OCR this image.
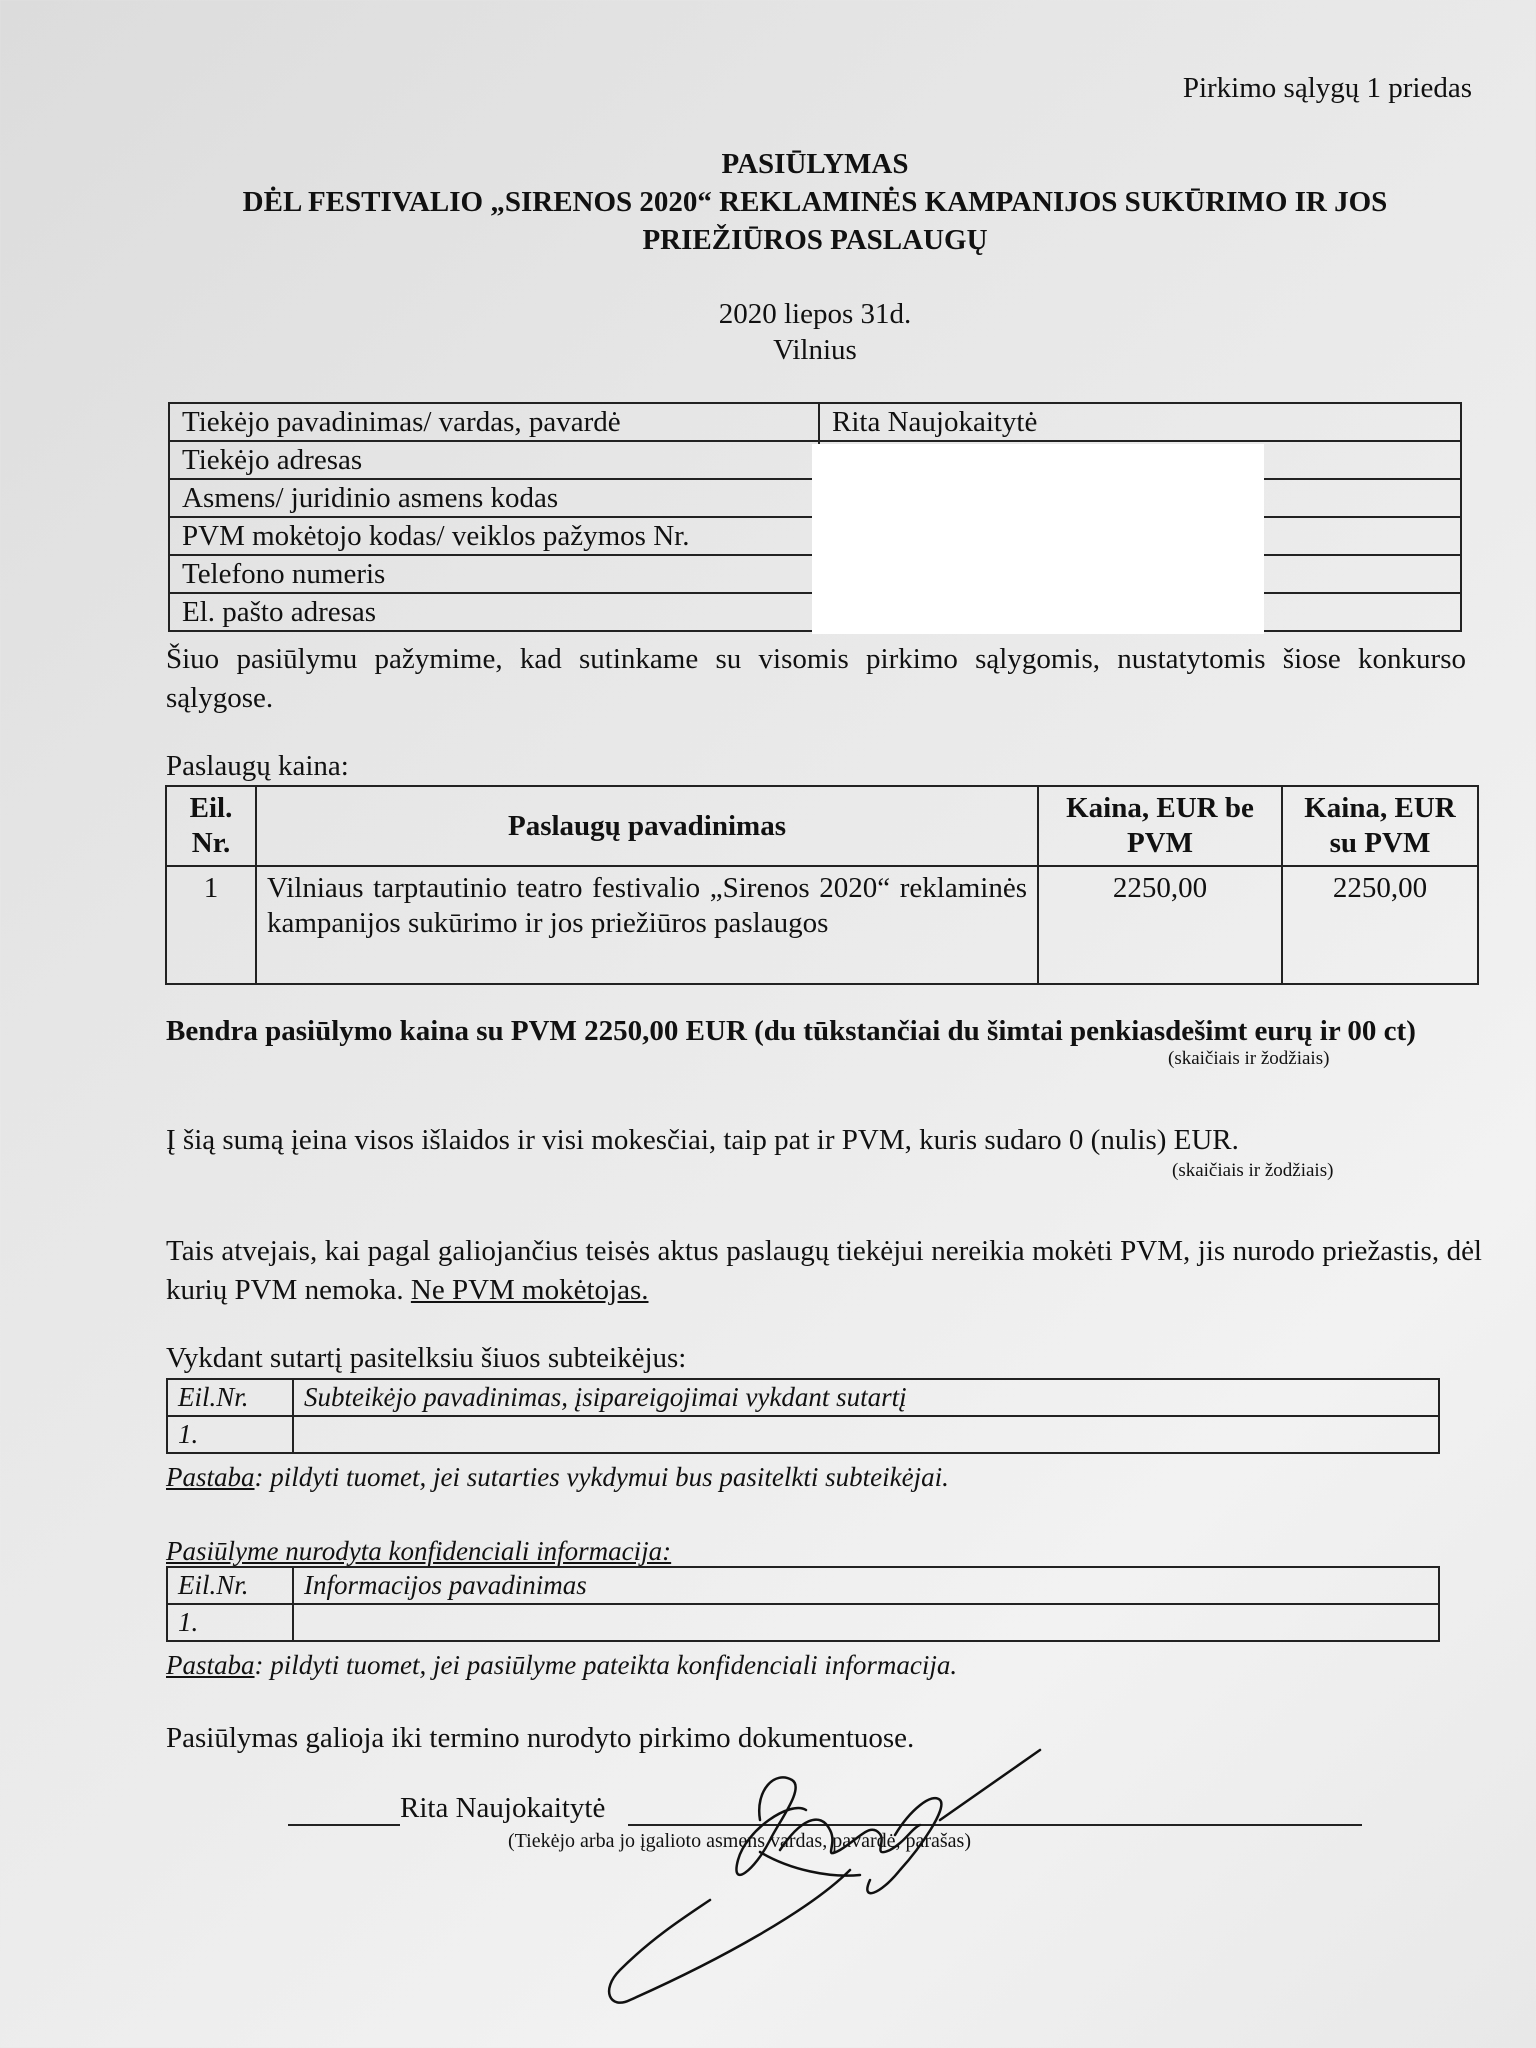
Pirkimo sąlygų 1 priedas
PASIŪLYMAS
DĖL FESTIVALIO „SIRENOS 2020“ REKLAMINĖS KAMPANIJOS SUKŪRIMO IR JOS
PRIEŽIŪROS PASLAUGŲ
2020 liepos 31d.
Vilnius
Tiekėjo pavadinimas/ vardas, pavardė	Rita Naujokaitytė
Tiekėjo adresas	
Asmens/ juridinio asmens kodas	
PVM mokėtojo kodas/ veiklos pažymos Nr.	
Telefono numeris	
El. pašto adresas	
Šiuo pasiūlymu pažymime, kad sutinkame su visomis pirkimo sąlygomis, nustatytomis šiose konkurso sąlygose.
Paslaugų kaina:
Eil. Nr.	Paslaugų pavadinimas	Kaina, EUR be PVM	Kaina, EUR su PVM
1	Vilniaus tarptautinio teatro festivalio „Sirenos 2020“ reklaminės kampanijos sukūrimo ir jos priežiūros paslaugos	2250,00	2250,00
Bendra pasiūlymo kaina su PVM 2250,00 EUR (du tūkstančiai du šimtai penkiasdešimt eurų ir 00 ct)
(skaičiais ir žodžiais)
Į šią sumą įeina visos išlaidos ir visi mokesčiai, taip pat ir PVM, kuris sudaro 0 (nulis) EUR.
(skaičiais ir žodžiais)
Tais atvejais, kai pagal galiojančius teisės aktus paslaugų tiekėjui nereikia mokėti PVM, jis nurodo priežastis, dėl kurių PVM nemoka. Ne PVM mokėtojas.
Vykdant sutartį pasitelksiu šiuos subteikėjus:
Eil.Nr.	Subteikėjo pavadinimas, įsipareigojimai vykdant sutartį
1.	
Pastaba: pildyti tuomet, jei sutarties vykdymui bus pasitelkti subteikėjai.
Pasiūlyme nurodyta konfidenciali informacija:
Eil.Nr.	Informacijos pavadinimas
1.	
Pastaba: pildyti tuomet, jei pasiūlyme pateikta konfidenciali informacija.
Pasiūlymas galioja iki termino nurodyto pirkimo dokumentuose.
Rita Naujokaitytė
(Tiekėjo arba jo įgalioto asmens vardas, pavardė, parašas)
